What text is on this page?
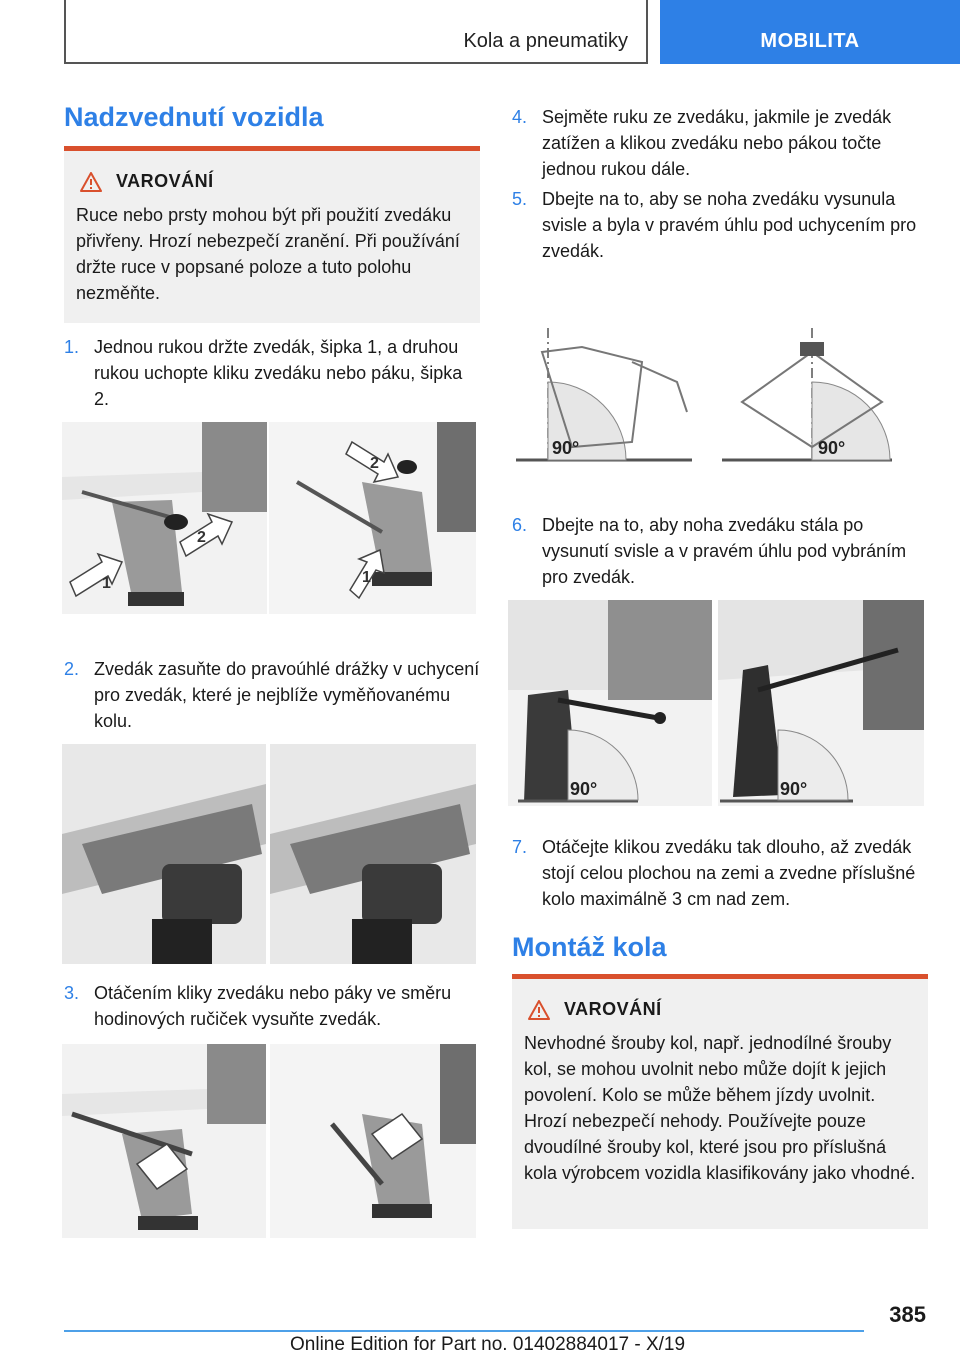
Kola a pneumatiky	MOBILITA
Nadzvednutí vozidla
VAROVÁNÍ
Ruce nebo prsty mohou být při použití zvedáku přivřeny. Hrozí nebezpečí zranění. Při používání držte ruce v popsané poloze a tuto polohu nezměňte.
1. Jednou rukou držte zvedák, šipka 1, a druhou rukou uchopte kliku zvedáku nebo páku, šipka 2.
1
2
1
2
2. Zvedák zasuňte do pravoúhlé drážky v uchycení pro zvedák, které je nejblíže vyměňovanému kolu.
3. Otáčením kliky zvedáku nebo páky ve směru hodinových ručiček vysuňte zvedák.
4. Sejměte ruku ze zvedáku, jakmile je zvedák zatížen a klikou zvedáku nebo pákou točte jednou rukou dále.
5. Dbejte na to, aby se noha zvedáku vysunula svisle a byla v pravém úhlu pod uchycením pro zvedák.
90°	90°
6. Dbejte na to, aby noha zvedáku stála po vysunutí svisle a v pravém úhlu pod vybráním pro zvedák.
90°	90°
7. Otáčejte klikou zvedáku tak dlouho, až zvedák stojí celou plochou na zemi a zvedne příslušné kolo maximálně 3 cm nad zem.
Montáž kola
VAROVÁNÍ
Nevhodné šrouby kol, např. jednodílné šrouby kol, se mohou uvolnit nebo může dojít k jejich povolení. Kolo se může během jízdy uvolnit. Hrozí nebezpečí nehody. Používejte pouze dvoudílné šrouby kol, které jsou pro příslušná kola výrobcem vozidla klasifikovány jako vhodné.
385
Online Edition for Part no. 01402884017 - X/19
